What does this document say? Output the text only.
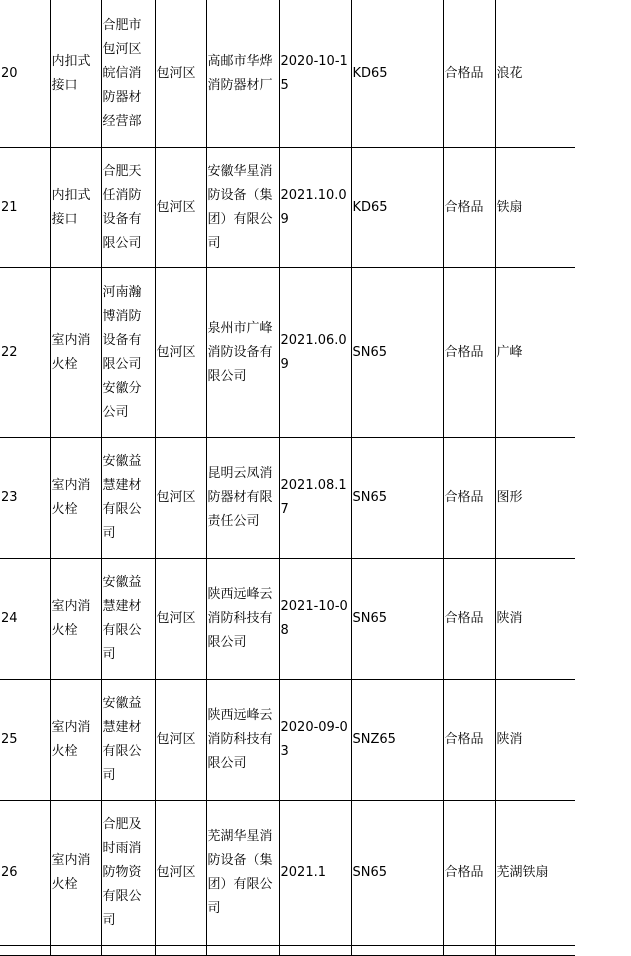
20	内扣式接口	合肥市包河区皖信消防器材经营部	包河区	高邮市华烨消防器材厂	2020-10-15	KD65	合格品	浪花
21	内扣式接口	合肥天任消防设备有限公司	包河区	安徽华星消防设备（集团）有限公司	2021.10.09	KD65	合格品	铁扇
22	室内消火栓	河南瀚博消防设备有限公司安徽分公司	包河区	泉州市广峰消防设备有限公司	2021.06.09	SN65	合格品	广峰
23	室内消火栓	安徽益慧建材有限公司	包河区	昆明云凤消防器材有限责任公司	2021.08.17	SN65	合格品	图形
24	室内消火栓	安徽益慧建材有限公司	包河区	陕西远峰云消防科技有限公司	2021-10-08	SN65	合格品	陕消
25	室内消火栓	安徽益慧建材有限公司	包河区	陕西远峰云消防科技有限公司	2020-09-03	SNZ65	合格品	陕消
26	室内消火栓	合肥及时雨消防物资有限公司	包河区	芜湖华星消防设备（集团）有限公司	2021.1	SN65	合格品	芜湖铁扇
